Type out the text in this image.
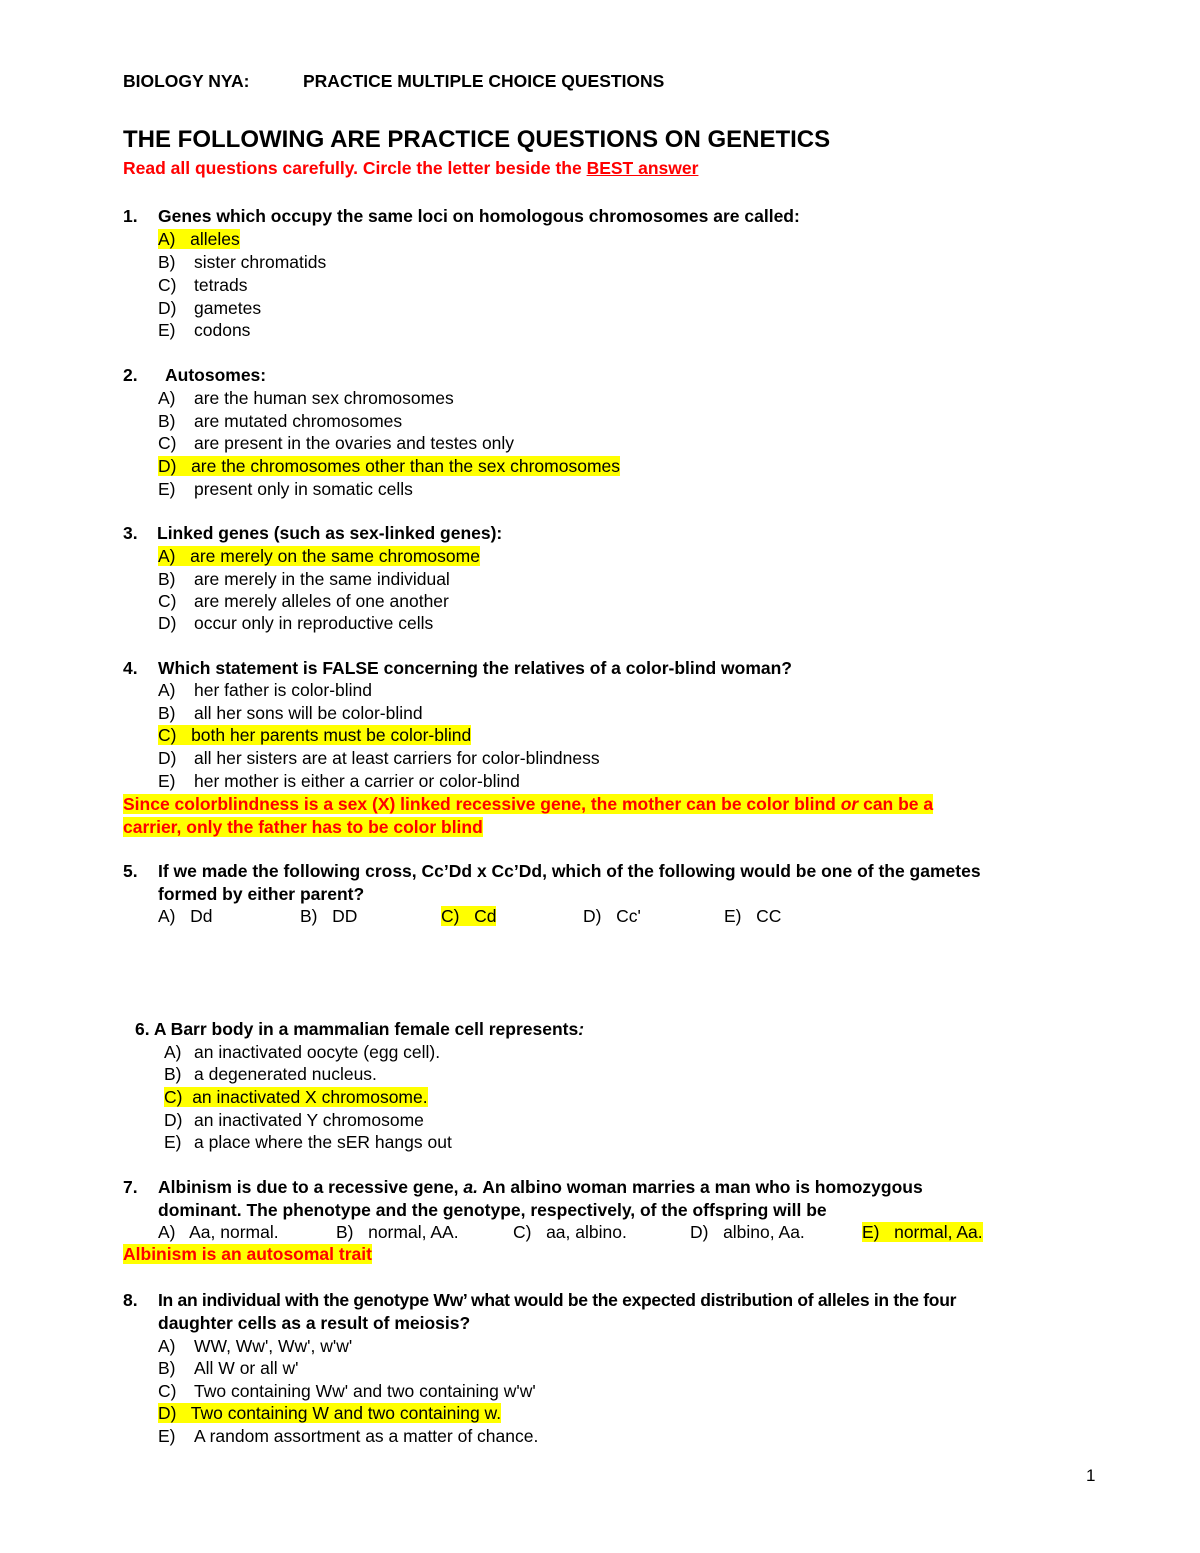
BIOLOGY NYA:	PRACTICE MULTIPLE CHOICE QUESTIONS
THE FOLLOWING ARE PRACTICE QUESTIONS ON GENETICS
Read all questions carefully. Circle the letter beside the BEST answer
1. Genes which occupy the same loci on homologous chromosomes are called:
A) alleles
B) sister chromatids
C) tetrads
D) gametes
E) codons
2. Autosomes:
A) are the human sex chromosomes
B) are mutated chromosomes
C) are present in the ovaries and testes only
D) are the chromosomes other than the sex chromosomes
E) present only in somatic cells
3. Linked genes (such as sex-linked genes):
A) are merely on the same chromosome
B) are merely in the same individual
C) are merely alleles of one another
D) occur only in reproductive cells
4. Which statement is FALSE concerning the relatives of a color-blind woman?
A) her father is color-blind
B) all her sons will be color-blind
C) both her parents must be color-blind
D) all her sisters are at least carriers for color-blindness
E) her mother is either a carrier or color-blind
Since colorblindness is a sex (X) linked recessive gene, the mother can be color blind or can be a
carrier, only the father has to be color blind
5. If we made the following cross, Cc’Dd x Cc’Dd, which of the following would be one of the gametes
formed by either parent?
A) Dd	B) DD	C) Cd	D) Cc'	E) CC
6. A Barr body in a mammalian female cell represents:
A) an inactivated oocyte (egg cell).
B) a degenerated nucleus.
C) an inactivated X chromosome.
D) an inactivated Y chromosome
E) a place where the sER hangs out
7. Albinism is due to a recessive gene, a. An albino woman marries a man who is homozygous
dominant. The phenotype and the genotype, respectively, of the offspring will be
A) Aa, normal.	B) normal, AA.	C) aa, albino.	D) albino, Aa.	E) normal, Aa.
Albinism is an autosomal trait
8. In an individual with the genotype Ww’ what would be the expected distribution of alleles in the four
daughter cells as a result of meiosis?
A) WW, Ww', Ww', w'w'
B) All W or all w'
C) Two containing Ww' and two containing w'w'
D) Two containing W and two containing w.
E) A random assortment as a matter of chance.
1
